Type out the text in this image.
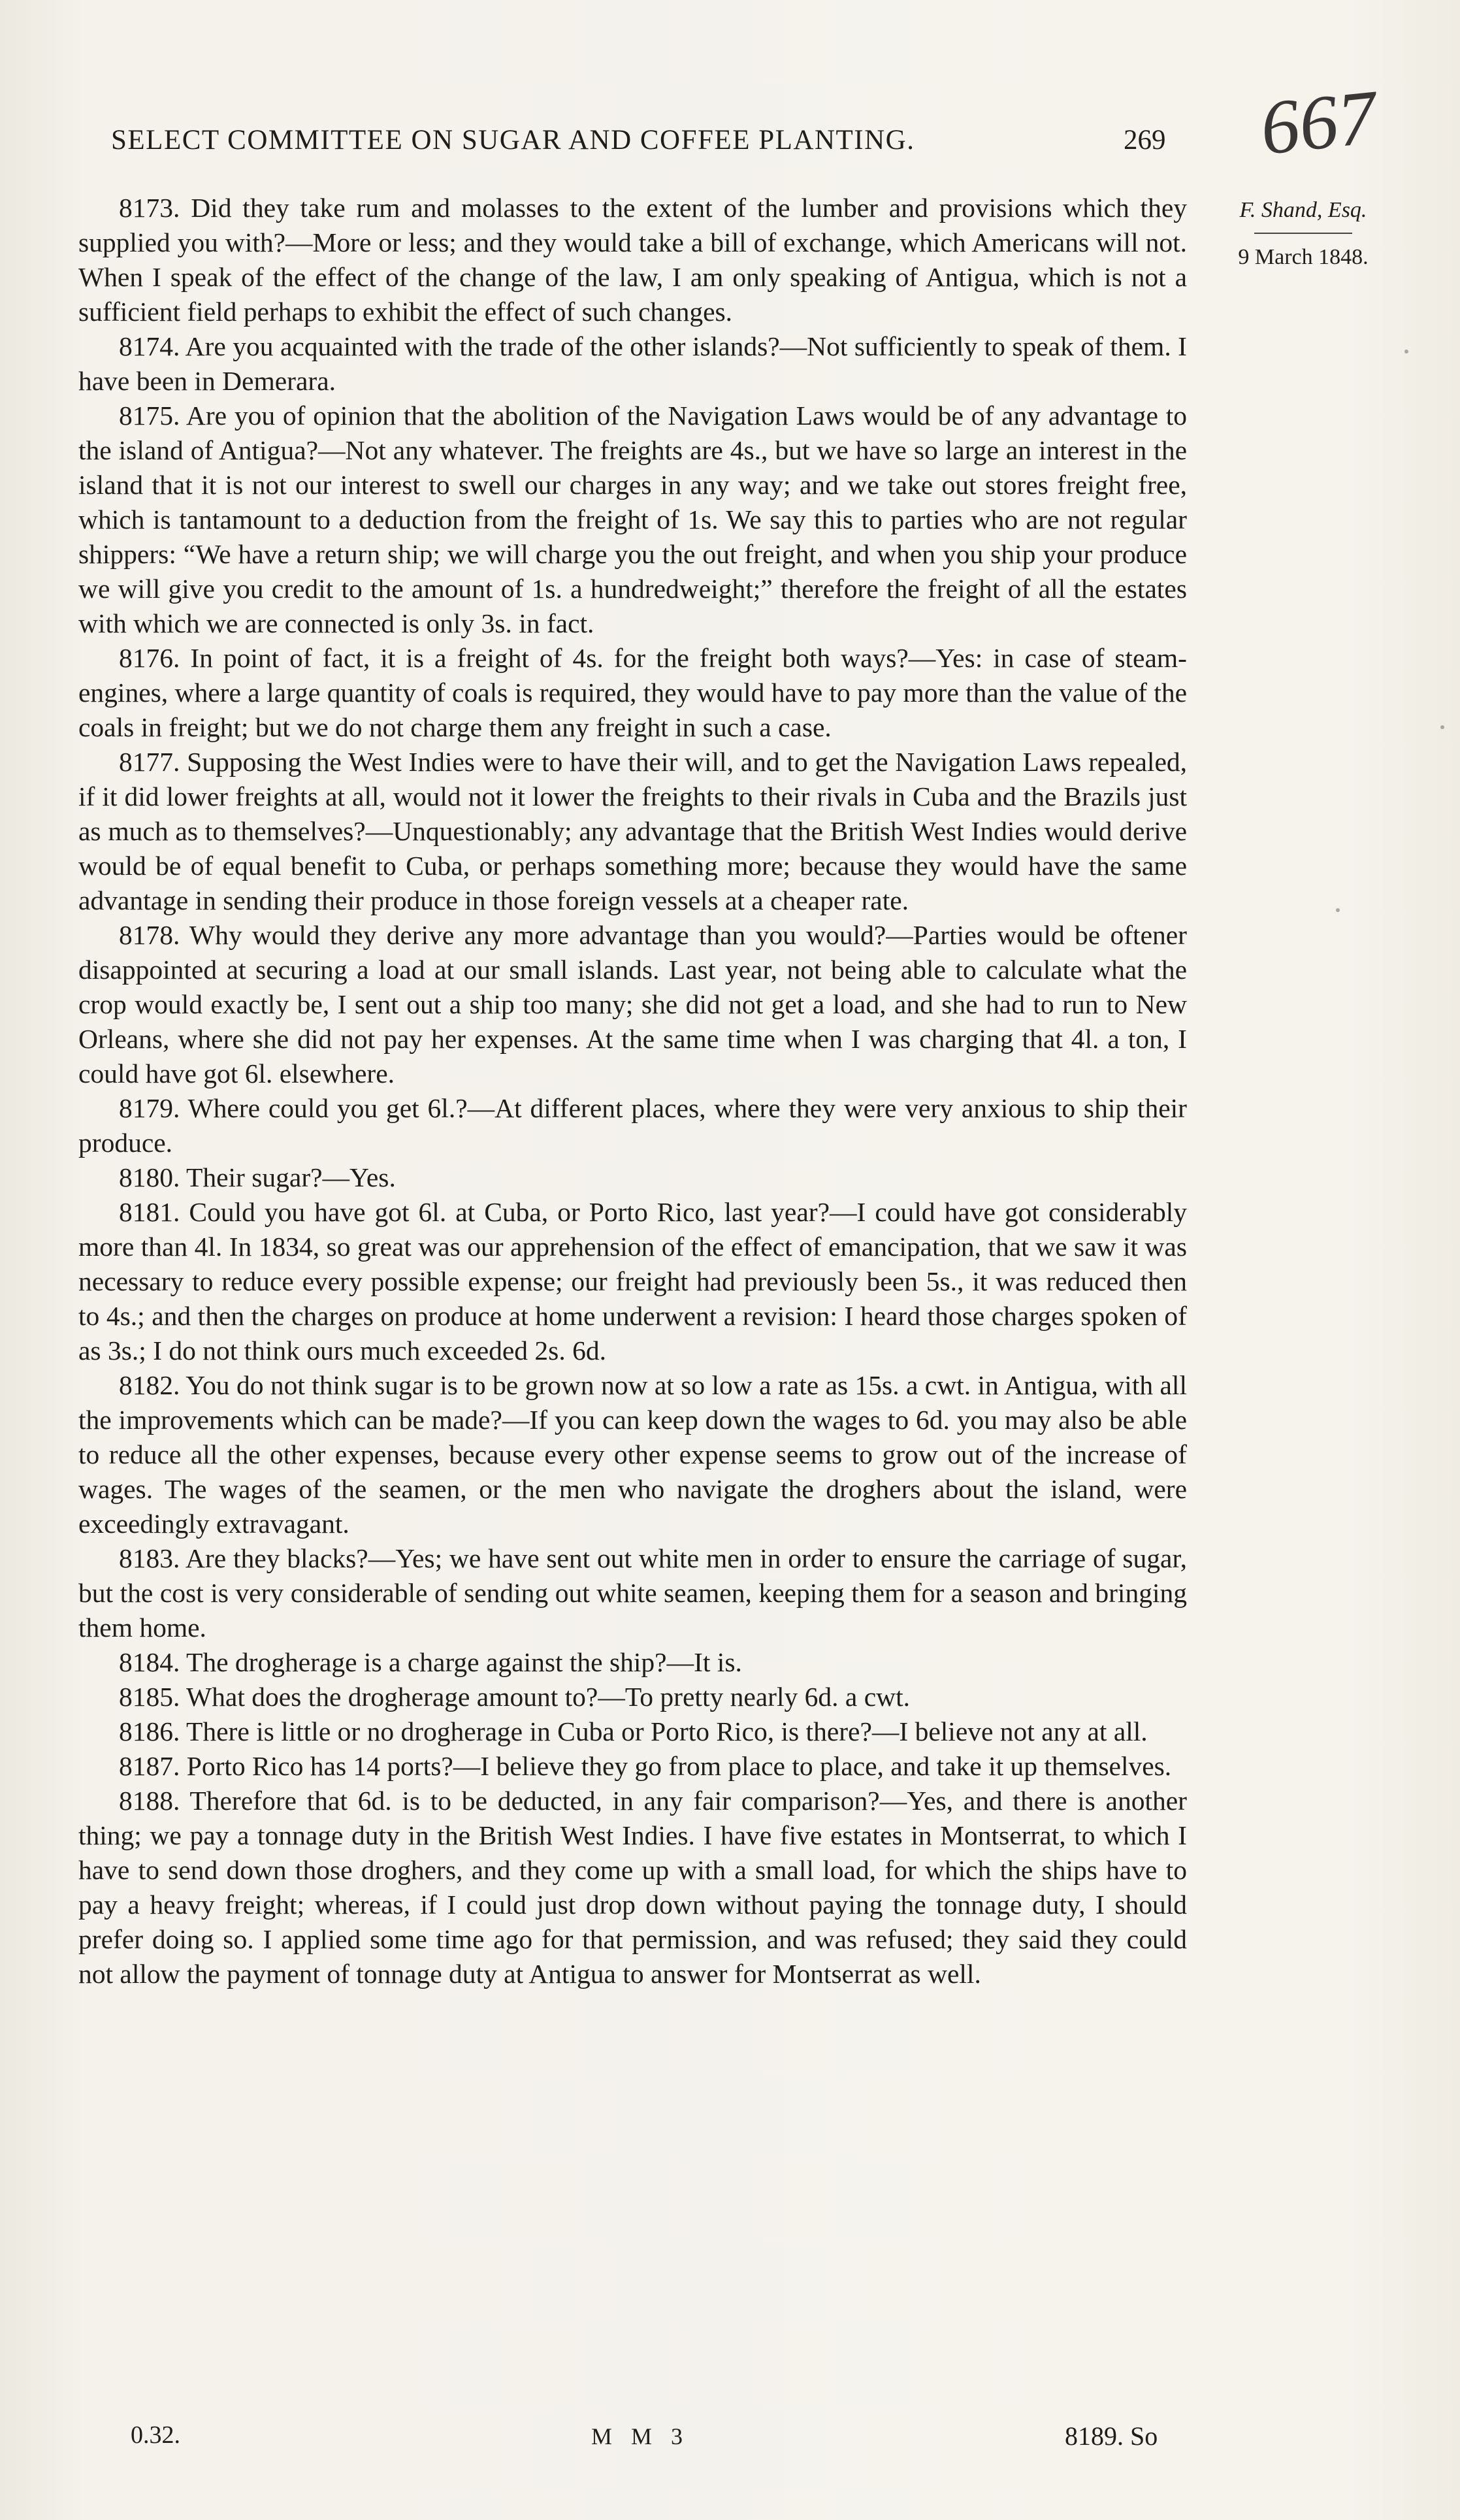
SELECT COMMITTEE ON SUGAR AND COFFEE PLANTING.	269 667
F. Shand, Esq.
9 March 1848.

8173. Did they take rum and molasses to the extent of the lumber and provisions which they supplied you with?—More or less; and they would take a bill of exchange, which Americans will not. When I speak of the effect of the change of the law, I am only speaking of Antigua, which is not a sufficient field perhaps to exhibit the effect of such changes.

8174. Are you acquainted with the trade of the other islands?—Not sufficiently to speak of them. I have been in Demerara.

8175. Are you of opinion that the abolition of the Navigation Laws would be of any advantage to the island of Antigua?—Not any whatever. The freights are 4s., but we have so large an interest in the island that it is not our interest to swell our charges in any way; and we take out stores freight free, which is tantamount to a deduction from the freight of 1s. We say this to parties who are not regular shippers: “We have a return ship; we will charge you the out freight, and when you ship your produce we will give you credit to the amount of 1s. a hundredweight;” therefore the freight of all the estates with which we are connected is only 3s. in fact.

8176. In point of fact, it is a freight of 4s. for the freight both ways?—Yes: in case of steam-engines, where a large quantity of coals is required, they would have to pay more than the value of the coals in freight; but we do not charge them any freight in such a case.

8177. Supposing the West Indies were to have their will, and to get the Navigation Laws repealed, if it did lower freights at all, would not it lower the freights to their rivals in Cuba and the Brazils just as much as to themselves?—Unquestionably; any advantage that the British West Indies would derive would be of equal benefit to Cuba, or perhaps something more; because they would have the same advantage in sending their produce in those foreign vessels at a cheaper rate.

8178. Why would they derive any more advantage than you would?—Parties would be oftener disappointed at securing a load at our small islands. Last year, not being able to calculate what the crop would exactly be, I sent out a ship too many; she did not get a load, and she had to run to New Orleans, where she did not pay her expenses. At the same time when I was charging that 4l. a ton, I could have got 6l. elsewhere.

8179. Where could you get 6l.?—At different places, where they were very anxious to ship their produce.

8180. Their sugar?—Yes.

8181. Could you have got 6l. at Cuba, or Porto Rico, last year?—I could have got considerably more than 4l. In 1834, so great was our apprehension of the effect of emancipation, that we saw it was necessary to reduce every possible expense; our freight had previously been 5s., it was reduced then to 4s.; and then the charges on produce at home underwent a revision: I heard those charges spoken of as 3s.; I do not think ours much exceeded 2s. 6d.

8182. You do not think sugar is to be grown now at so low a rate as 15s. a cwt. in Antigua, with all the improvements which can be made?—If you can keep down the wages to 6d. you may also be able to reduce all the other expenses, because every other expense seems to grow out of the increase of wages. The wages of the seamen, or the men who navigate the droghers about the island, were exceedingly extravagant.

8183. Are they blacks?—Yes; we have sent out white men in order to ensure the carriage of sugar, but the cost is very considerable of sending out white seamen, keeping them for a season and bringing them home.

8184. The drogherage is a charge against the ship?—It is.

8185. What does the drogherage amount to?—To pretty nearly 6d. a cwt.

8186. There is little or no drogherage in Cuba or Porto Rico, is there?—I believe not any at all.

8187. Porto Rico has 14 ports?—I believe they go from place to place, and take it up themselves.

8188. Therefore that 6d. is to be deducted, in any fair comparison?—Yes, and there is another thing; we pay a tonnage duty in the British West Indies. I have five estates in Montserrat, to which I have to send down those droghers, and they come up with a small load, for which the ships have to pay a heavy freight; whereas, if I could just drop down without paying the tonnage duty, I should prefer doing so. I applied some time ago for that permission, and was refused; they said they could not allow the payment of tonnage duty at Antigua to answer for Montserrat as well.

0.32.	M M 3	8189. So
